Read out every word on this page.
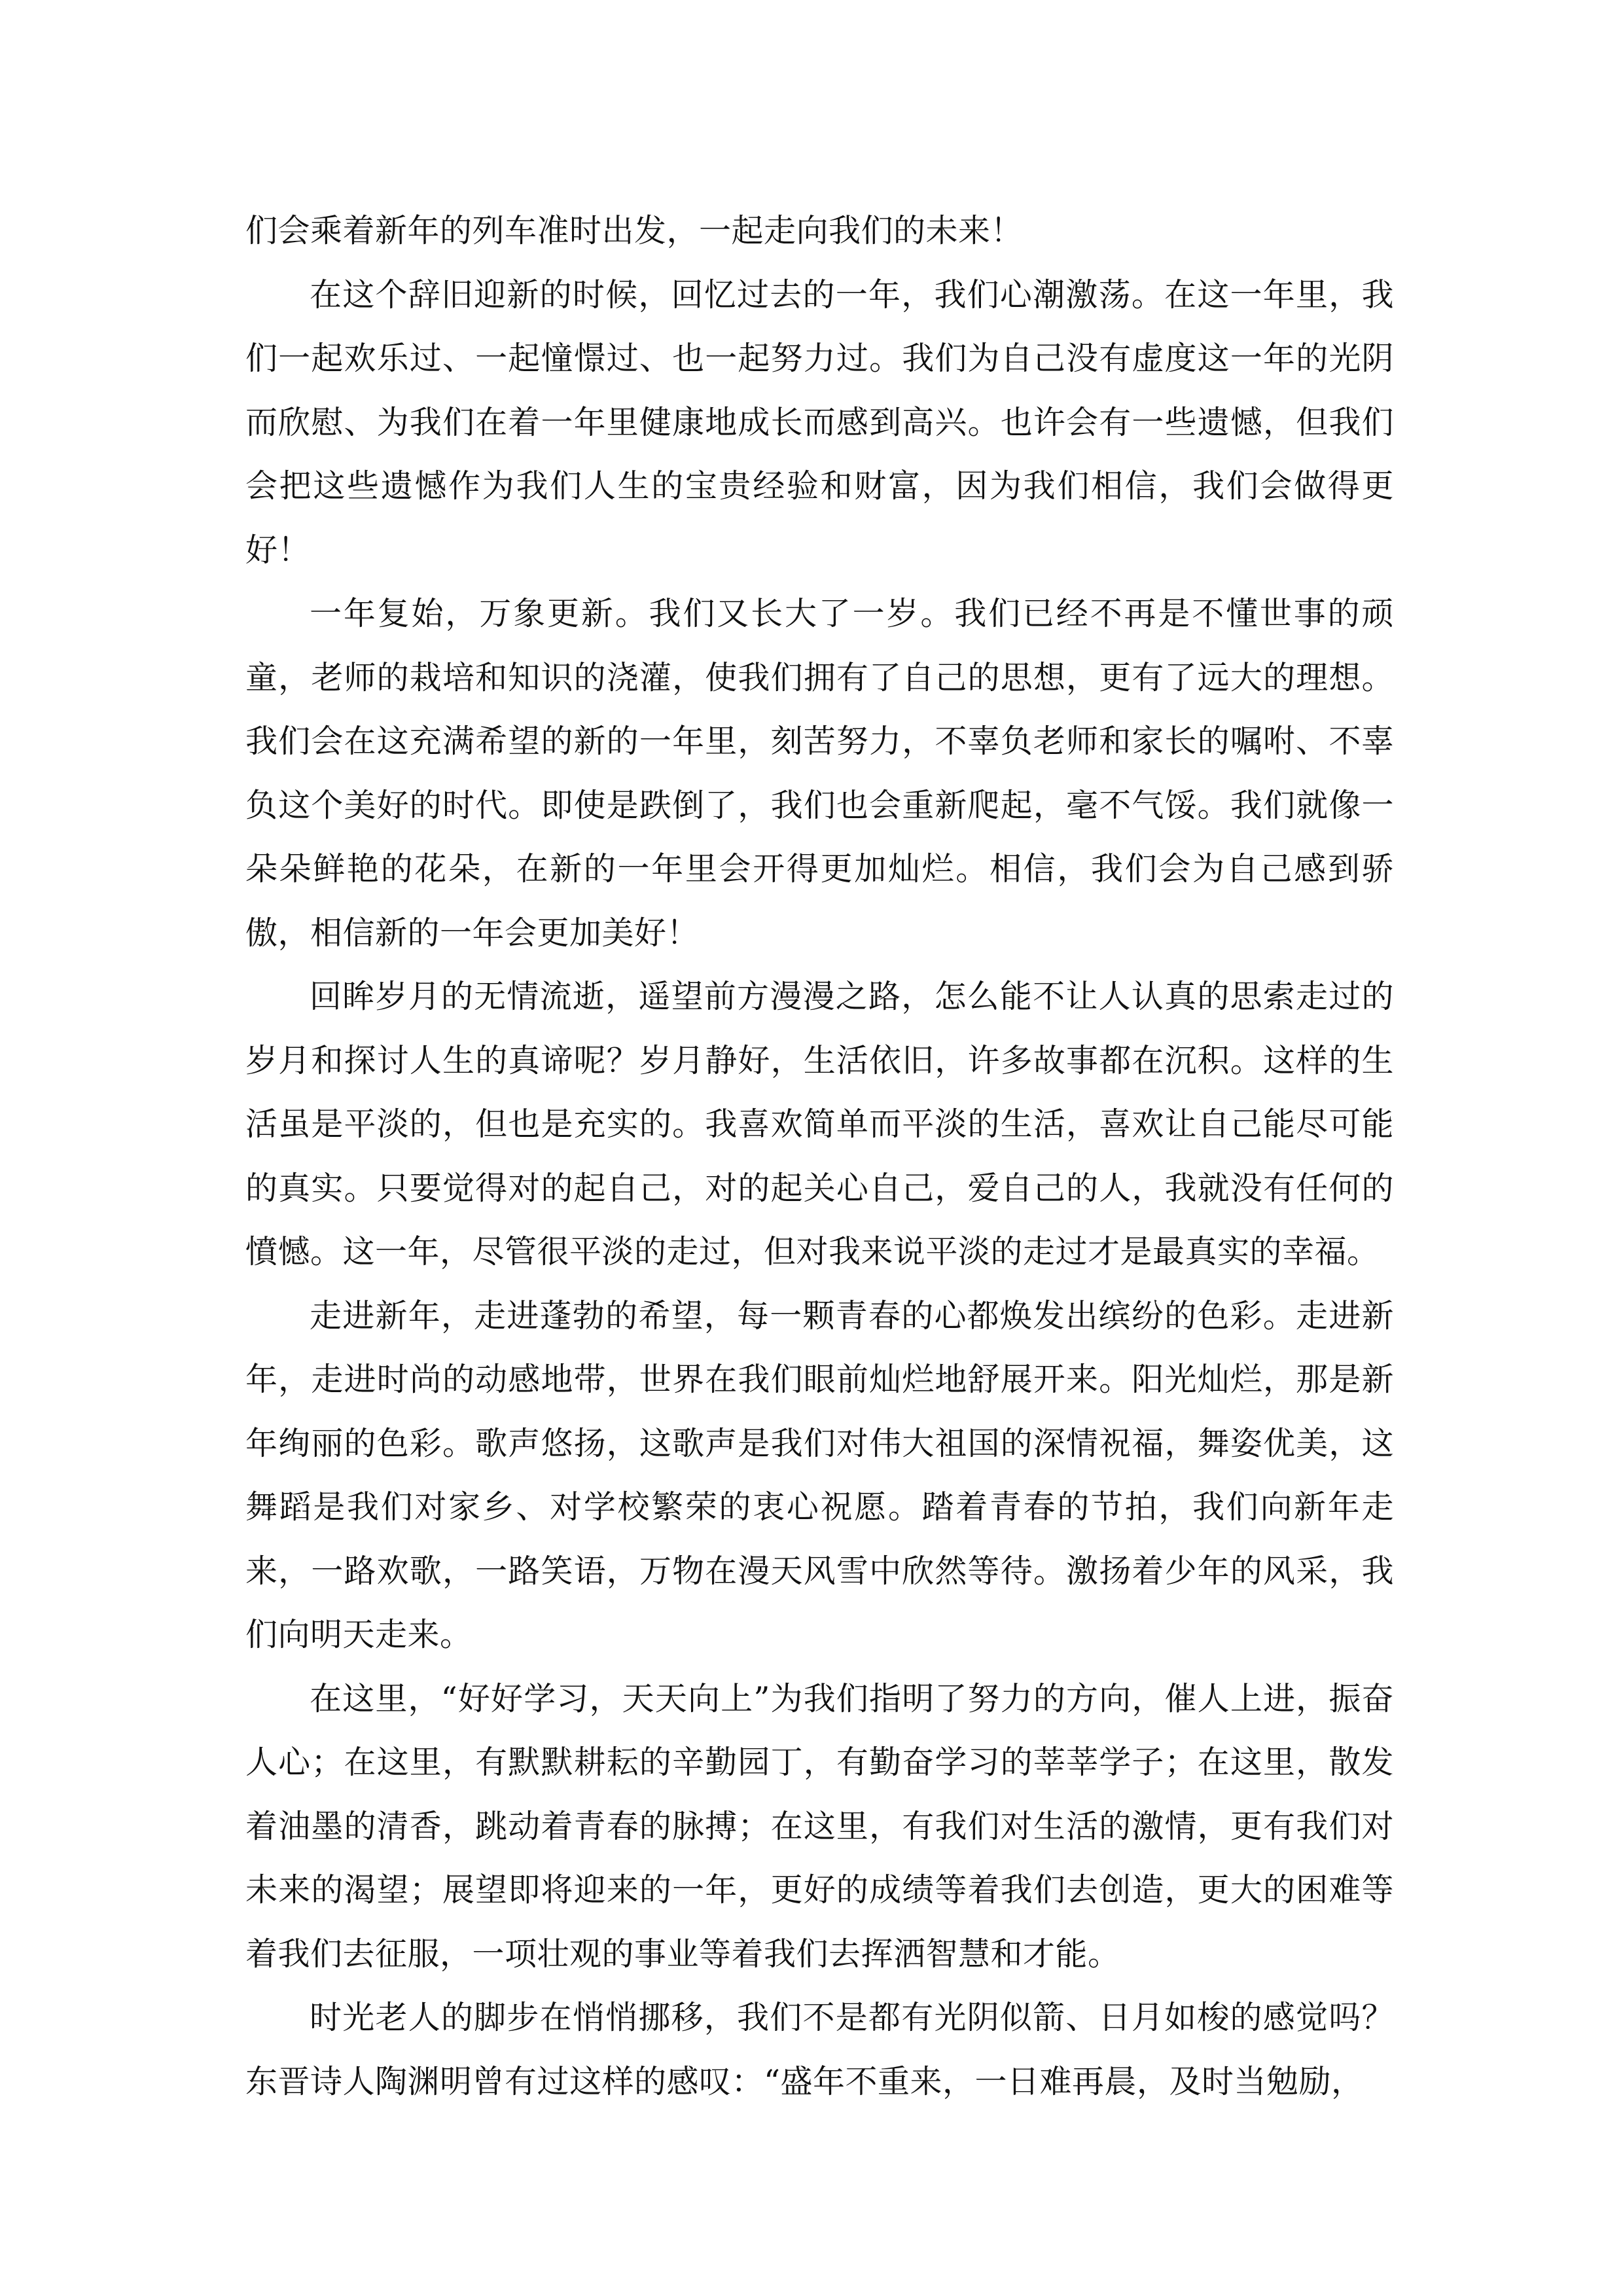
们会乘着新年的列车准时出发，一起走向我们的未来！

在这个辞旧迎新的时候，回忆过去的一年，我们心潮激荡。在这一年里，我们一起欢乐过、一起憧憬过、也一起努力过。我们为自己没有虚度这一年的光阴而欣慰、为我们在着一年里健康地成长而感到高兴。也许会有一些遗憾，但我们会把这些遗憾作为我们人生的宝贵经验和财富，因为我们相信，我们会做得更好！

一年复始，万象更新。我们又长大了一岁。我们已经不再是不懂世事的顽童，老师的栽培和知识的浇灌，使我们拥有了自己的思想，更有了远大的理想。我们会在这充满希望的新的一年里，刻苦努力，不辜负老师和家长的嘱咐、不辜负这个美好的时代。即使是跌倒了，我们也会重新爬起，毫不气馁。我们就像一朵朵鲜艳的花朵，在新的一年里会开得更加灿烂。相信，我们会为自己感到骄傲，相信新的一年会更加美好！

回眸岁月的无情流逝，遥望前方漫漫之路，怎么能不让人认真的思索走过的岁月和探讨人生的真谛呢？岁月静好，生活依旧，许多故事都在沉积。这样的生活虽是平淡的，但也是充实的。我喜欢简单而平淡的生活，喜欢让自己能尽可能的真实。只要觉得对的起自己，对的起关心自己，爱自己的人，我就没有任何的憤憾。这一年，尽管很平淡的走过，但对我来说平淡的走过才是最真实的幸福。

走进新年，走进蓬勃的希望，每一颗青春的心都焕发出缤纷的色彩。走进新年，走进时尚的动感地带，世界在我们眼前灿烂地舒展开来。阳光灿烂，那是新年绚丽的色彩。歌声悠扬，这歌声是我们对伟大祖国的深情祝福，舞姿优美，这舞蹈是我们对家乡、对学校繁荣的衷心祝愿。踏着青春的节拍，我们向新年走来，一路欢歌，一路笑语，万物在漫天风雪中欣然等待。激扬着少年的风采，我们向明天走来。

在这里，“好好学习，天天向上”为我们指明了努力的方向，催人上进，振奋人心；在这里，有默默耕耘的辛勤园丁，有勤奋学习的莘莘学子；在这里，散发着油墨的清香，跳动着青春的脉搏；在这里，有我们对生活的激情，更有我们对未来的渴望；展望即将迎来的一年，更好的成绩等着我们去创造，更大的困难等着我们去征服，一项壮观的事业等着我们去挥洒智慧和才能。

时光老人的脚步在悄悄挪移，我们不是都有光阴似箭、日月如梭的感觉吗？东晋诗人陶渊明曾有过这样的感叹：“盛年不重来，一日难再晨，及时当勉励，
